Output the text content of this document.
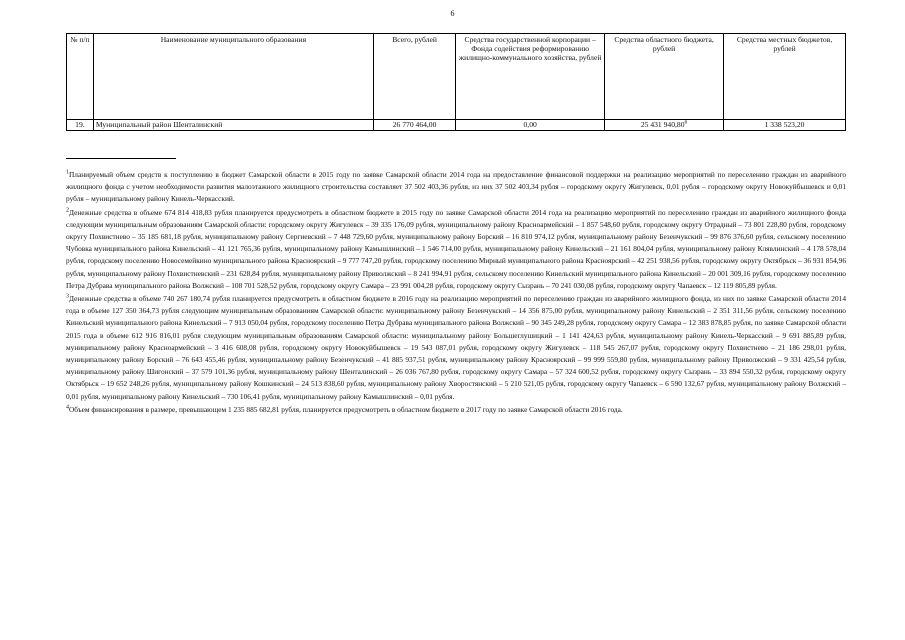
6
№ п/п	Наименование муниципального образования	Всего, рублей	Средства государственной корпорации – Фонда содействия реформированию жилищно-коммунального хозяйства, рублей	Средства областного бюджета, рублей	Средства местных бюджетов, рублей
19.	Муниципальный район Шенталинский	26 770 464,00	0,00	25 431 940,80$^6$	1 338 523,20

$^1$Планируемый объем средств к поступлению в бюджет Самарской области в 2015 году по заявке Самарской области 2014 года на предоставление финансовой поддержки на реализацию мероприятий по переселению граждан из аварийного жилищного фонда с учетом необходимости развития малоэтажного жилищного строительства составляет 37 502 403,36 рубля, из них 37 502 403,34 рубля – городскому округу Жигулевск, 0,01 рубля – городскому округу Новокуйбышевск и 0,01 рубля – муниципальному району Кинель-Черкасский.

$^2$Денежные средства в объеме 674 814 418,83 рубля планируется предусмотреть в областном бюджете в 2015 году по заявке Самарской области 2014 года на реализацию мероприятий по переселению граждан из аварийного жилищного фонда следующим муниципальным образованиям Самарской области: городскому округу Жигулевск – 39 335 176,09 рубля, муниципальному району Красноармейский – 1 857 548,60 рубля, городскому округу Отрадный – 73 801 228,80 рубля, городскому округу Похвистнево – 35 185 681,18 рубля, муниципальному району Сергиевский – 7 448 729,60 рубля, муниципальному району Борский – 16 810 974,12 рубля, муниципальному району Безенчукский – 99 876 376,60 рубля, сельскому поселению Чубовка муниципального района Кинельский – 41 121 765,36 рубля, муниципальному району Камышлинский – 1 546 714,00 рубля, муниципальному району Кинельский – 21 161 804,04 рубля, муниципальному району Клявлинский – 4 178 578,04 рубля, городскому поселению Новосемейкино муниципального района Красноярский – 9 777 747,20 рубля, городскому поселению Мирный муниципального района Красноярский – 42 251 938,56 рубля, городскому округу Октябрьск – 36 931 854,96 рубля, муниципальному району Похвистневский – 231 628,84 рубля, муниципальному району Приволжский – 8 241 994,91 рубля, сельскому поселению Кинельский муниципального района Кинельский – 20 001 309,16 рубля, городскому поселению Петра Дубрава муниципального района Волжский – 108 701 528,52 рубля, городскому округу Самара – 23 991 004,28 рубля, городскому округу Сызрань – 70 241 030,08 рубля, городскому округу Чапаевск – 12 119 805,89 рубля.

$^3$Денежные средства в объеме 740 267 180,74 рубля планируется предусмотреть в областном бюджете в 2016 году на реализацию мероприятий по переселению граждан из аварийного жилищного фонда, из них по заявке Самарской области 2014 года в объеме 127 350 364,73 рубля следующим муниципальным образованиям Самарской области: муниципальному району Безенчукский – 14 356 875,00 рубля, муниципальному району Кинельский – 2 351 311,56 рубля, сельскому поселению Кинельский муниципального района Кинельский – 7 913 050,04 рубля, городскому поселению Петра Дубрава муниципального района Волжский – 90 345 249,28 рубля, городскому округу Самара – 12 383 878,85 рубля, по заявке Самарской области 2015 года в объеме 612 916 816,01 рубля следующим муниципальным образованиям Самарской области: муниципальному району Большеглушицкий – 1 141 424,63 рубля, муниципальному району Кинель-Черкасский – 9 691 885,89 рубля, муниципальному району Красноармейский – 3 416 608,08 рубля, городскому округу Новокуйбышевск – 19 543 087,01 рубля, городскому округу Жигулевск – 118 545 267,07 рубля, городскому округу Похвистнево – 21 186 298,01 рубля, муниципальному району Борский – 76 643 455,46 рубля, муниципальному району Безенчукский – 41 885 937,51 рубля, муниципальному району Красноярский – 99 999 559,80 рубля, муниципальному району Приволжский – 9 331 425,54 рубля, муниципальному району Шигонский – 37 579 101,36 рубля, муниципальному району Шенталинский – 26 036 767,80 рубля, городскому округу Самара – 57 324 600,52 рубля, городскому округу Сызрань – 33 894 550,32 рубля, городскому округу Октябрьск – 19 652 248,26 рубля, муниципальному району Кошкинский – 24 513 838,60 рубля, муниципальному району Хворостянский – 5 210 521,05 рубля, городскому округу Чапаевск – 6 590 132,67 рубля, муниципальному району Волжский – 0,01 рубля, муниципальному району Кинельский – 730 106,41 рубля, муниципальному району Камышлинский – 0,01 рубля.

$^4$Объем финансирования в размере, превышающем 1 235 885 682,81 рубля, планируется предусмотреть в областном бюджете в 2017 году по заявке Самарской области 2016 года.
